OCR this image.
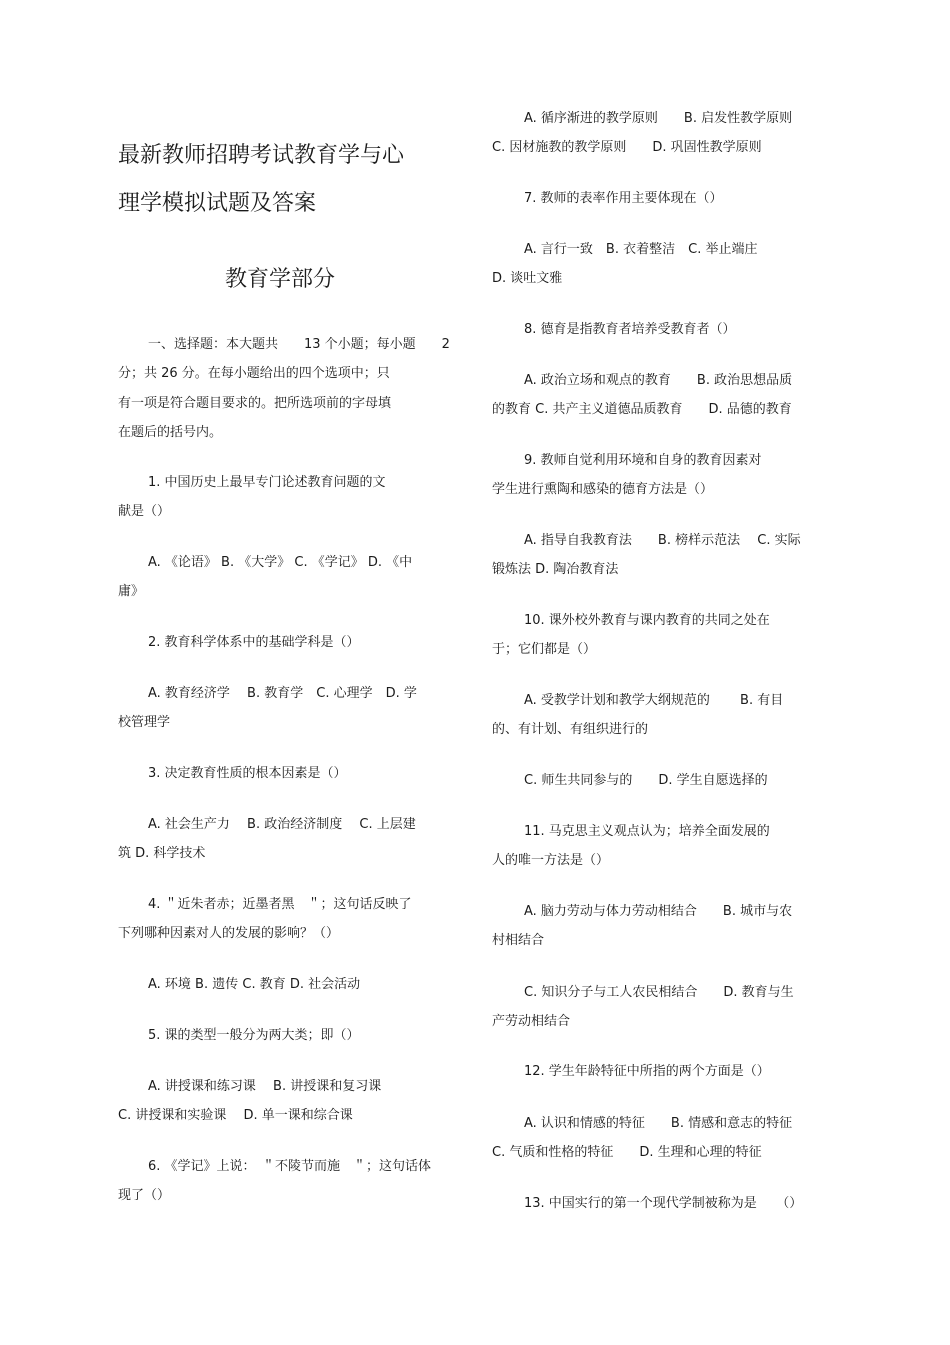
最新教师招聘考试教育学与心
理学模拟试题及答案
教育学部分
一、选择题：本大题共　　13 个小题；每小题　　2
分；共 26 分。在每小题给出的四个选项中；只
有一项是符合题目要求的。把所选项前的字母填
在题后的括号内。
1. 中国历史上最早专门论述教育问题的文
献是（）
A. 《论语》 B. 《大学》 C. 《学记》 D. 《中
庸》
2. 教育科学体系中的基础学科是（）
A. 教育经济学　 B. 教育学　C. 心理学　D. 学
校管理学
3. 决定教育性质的根本因素是（）
A. 社会生产力　 B. 政治经济制度　 C. 上层建
筑 D. 科学技术
4. ＂近朱者赤；近墨者黑　＂；这句话反映了
下列哪种因素对人的发展的影响？（）
A. 环境 B. 遗传 C. 教育 D. 社会活动
5. 课的类型一般分为两大类；即（）
A. 讲授课和练习课　 B. 讲授课和复习课
C. 讲授课和实验课　 D. 单一课和综合课
6. 《学记》上说：　＂不陵节而施　＂；这句话体
现了（）
A. 循序渐进的教学原则　　B. 启发性教学原则
C. 因材施教的教学原则　　D. 巩固性教学原则
7. 教师的表率作用主要体现在（）
A. 言行一致　B. 衣着整洁　C. 举止端庄
D. 谈吐文雅
8. 德育是指教育者培养受教育者（）
A. 政治立场和观点的教育　　B. 政治思想品质
的教育 C. 共产主义道德品质教育　　D. 品德的教育
9. 教师自觉利用环境和自身的教育因素对
学生进行熏陶和感染的德育方法是（）
A. 指导自我教育法　　B. 榜样示范法　 C. 实际
锻炼法 D. 陶冶教育法
10. 课外校外教育与课内教育的共同之处在
于；它们都是（）
A. 受教学计划和教学大纲规范的　　 B. 有目
的、有计划、有组织进行的
C. 师生共同参与的　　D. 学生自愿选择的
11. 马克思主义观点认为；培养全面发展的
人的唯一方法是（）
A. 脑力劳动与体力劳动相结合　　B. 城市与农
村相结合
C. 知识分子与工人农民相结合　　D. 教育与生
产劳动相结合
12. 学生年龄特征中所指的两个方面是（）
A. 认识和情感的特征　　B. 情感和意志的特征
C. 气质和性格的特征　　D. 生理和心理的特征
13. 中国实行的第一个现代学制被称为是　　（）
